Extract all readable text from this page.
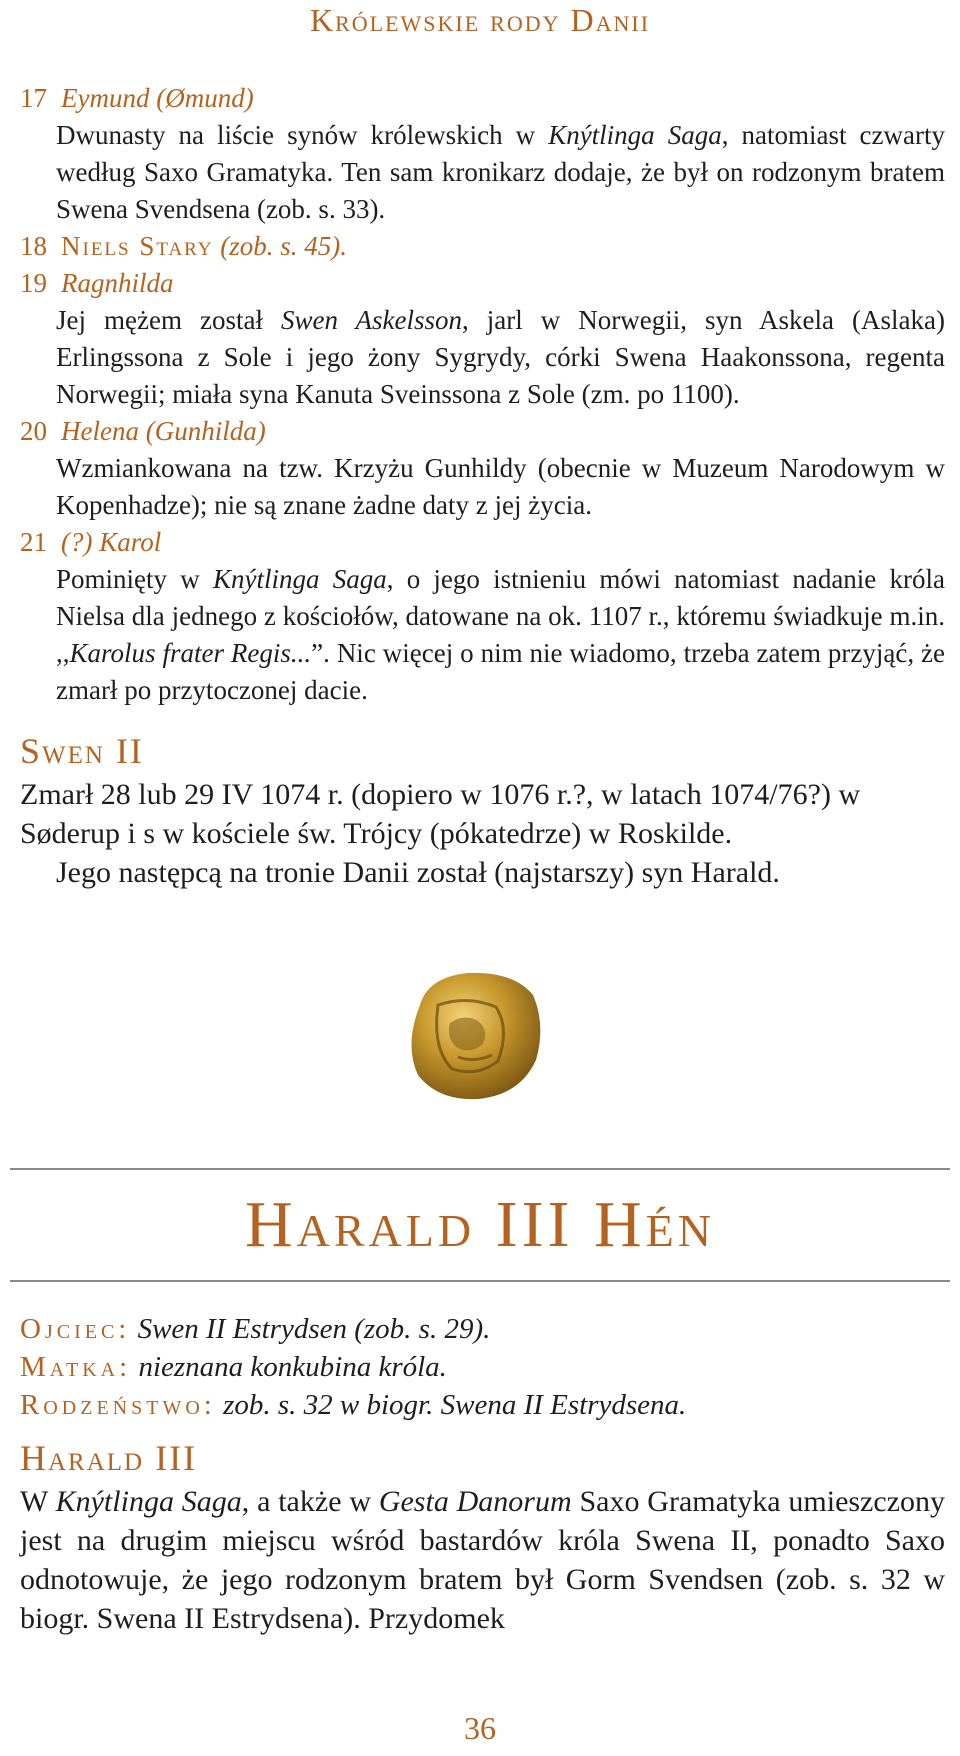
Królewskie rody Danii
17 Eymund (Ømund)

Dwunasty na liście synów królewskich w Knýtlinga Saga, natomiast czwarty według Saxo Gramatyka. Ten sam kronikarz dodaje, że był on rodzonym bratem Swena Svendsena (zob. s. 33).

18 Niels Stary (zob. s. 45).
19 Ragnhilda

Jej mężem został Swen Askelsson, jarl w Norwegii, syn Askela (Aslaka) Erlingssona z Sole i jego żony Sygrydy, córki Swena Haakonssona, regenta Norwegii; miała syna Kanuta Sveinssona z Sole (zm. po 1100).

20 Helena (Gunhilda)

Wzmiankowana na tzw. Krzyżu Gunhildy (obecnie w Muzeum Narodowym w Kopenhadze); nie są znane żadne daty z jej życia.

21 (?) Karol

Pominięty w Knýtlinga Saga, o jego istnieniu mówi natomiast nadanie króla Nielsa dla jednego z kościołów, datowane na ok. 1107 r., któremu świadkuje m.in. ,,Karolus frater Regis...”. Nic więcej o nim nie wiadomo, trzeba zatem przyjąć, że zmarł po przytoczonej dacie.

Swen II

Zmarł 28 lub 29 IV 1074 r. (dopiero w 1076 r.?, w latach 1074/76?) w Søderup i s w kościele św. Trójcy (pókatedrze) w Roskilde.
Jego następcą na tronie Danii został (najstarszy) syn Harald.

Harald III Hén
Ojciec: Swen II Estrydsen (zob. s. 29).
Matka: nieznana konkubina króla.
Rodzeństwo: zob. s. 32 w biogr. Swena II Estrydsena.
Harald III

W Knýtlinga Saga, a także w Gesta Danorum Saxo Gramatyka umieszczony jest na drugim miejscu wśród bastardów króla Swena II, ponadto Saxo odnotowuje, że jego rodzonym bratem był Gorm Svendsen (zob. s. 32 w biogr. Swena II Estrydsena). Przydomek

36
